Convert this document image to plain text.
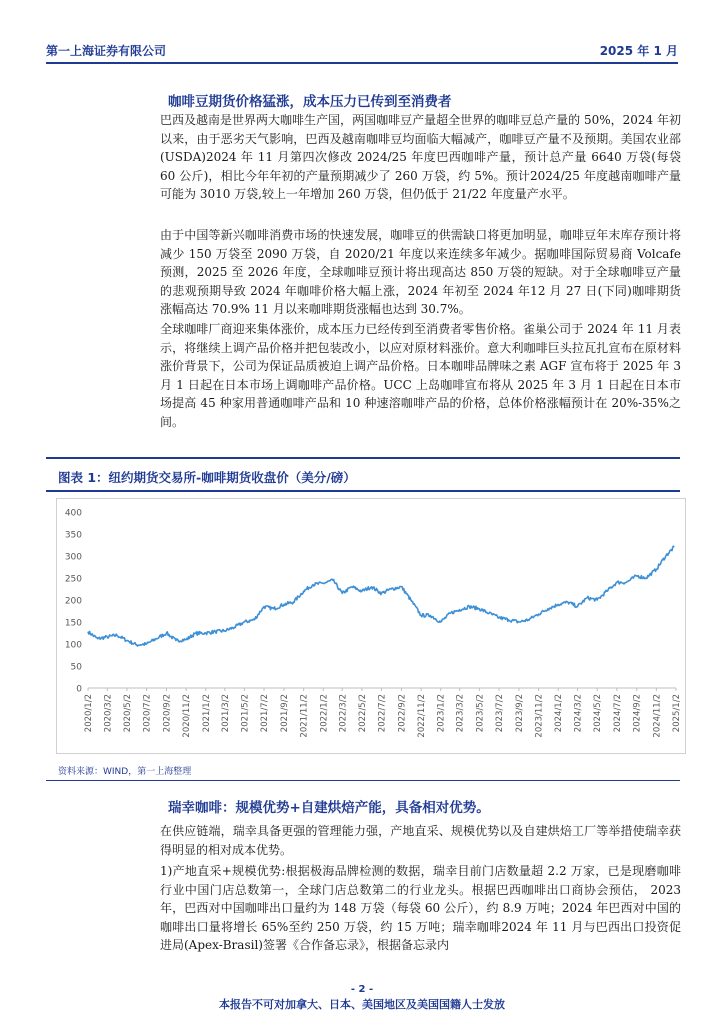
第一上海证券有限公司	2025 年 1 月
咖啡豆期货价格猛涨，成本压力已传到至消费者

巴西及越南是世界两大咖啡生产国，两国咖啡豆产量超全世界的咖啡豆总产量的 50%，2024 年初以来，由于恶劣天气影响，巴西及越南咖啡豆均面临大幅减产，咖啡豆产量不及预期。美国农业部(USDA)2024 年 11 月第四次修改 2024/25 年度巴西咖啡产量，预计总产量 6640 万袋(每袋 60 公斤)，相比今年年初的产量预期减少了 260 万袋，约 5%。预计2024/25 年度越南咖啡产量可能为 3010 万袋,较上一年增加 260 万袋，但仍低于 21/22 年度量产水平。

由于中国等新兴咖啡消费市场的快速发展，咖啡豆的供需缺口将更加明显，咖啡豆年末库存预计将减少 150 万袋至 2090 万袋，自 2020/21 年度以来连续多年减少。据咖啡国际贸易商 Volcafe 预测，2025 至 2026 年度，全球咖啡豆预计将出现高达 850 万袋的短缺。对于全球咖啡豆产量的悲观预期导致 2024 年咖啡价格大幅上涨，2024 年初至 2024 年12 月 27 日(下同)咖啡期货涨幅高达 70.9% 11 月以来咖啡期货涨幅也达到 30.7%。

全球咖啡厂商迎来集体涨价，成本压力已经传到至消费者零售价格。雀巢公司于 2024 年 11 月表示，将继续上调产品价格并把包装改小，以应对原材料涨价。意大利咖啡巨头拉瓦扎宣布在原材料涨价背景下，公司为保证品质被迫上调产品价格。日本咖啡品牌味之素 AGF 宣布将于 2025 年 3 月 1 日起在日本市场上调咖啡产品价格。UCC 上岛咖啡宣布将从 2025 年 3 月 1 日起在日本市场提高 45 种家用普通咖啡产品和 10 种速溶咖啡产品的价格，总体价格涨幅预计在 20%-35%之间。

图表 1：纽约期货交易所-咖啡期货收盘价（美分/磅）
0
50
100
150
200
250
300
350
400
2020/1/2 2020/3/2 2020/5/2 2020/7/2 2020/9/2 2020/11/2 2021/1/2 2021/3/2 2021/5/2 2021/7/2 2021/9/2 2021/11/2 2022/1/2 2022/3/2 2022/5/2 2022/7/2 2022/9/2 2022/11/2 2023/1/2 2023/3/2 2023/5/2 2023/7/2 2023/9/2 2023/11/2 2024/1/2 2024/3/2 2024/5/2 2024/7/2 2024/9/2 2024/11/2 2025/1/2
资料来源：WIND，第一上海整理
瑞幸咖啡：规模优势+自建烘焙产能，具备相对优势。

在供应链端，瑞幸具备更强的管理能力强，产地直采、规模优势以及自建烘焙工厂等举措使瑞幸获得明显的相对成本优势。

1)产地直采+规模优势:根据极海品牌检测的数据，瑞幸目前门店数量超 2.2 万家，已是现磨咖啡行业中国门店总数第一，全球门店总数第二的行业龙头。根据巴西咖啡出口商协会预估， 2023 年，巴西对中国咖啡出口量约为 148 万袋（每袋 60 公斤），约 8.9 万吨；2024 年巴西对中国的咖啡出口量将增长 65%至约 250 万袋，约 15 万吨；瑞幸咖啡2024 年 11 月与巴西出口投资促进局(Apex-Brasil)签署《合作备忘录》，根据备忘录内

- 2 -
本报告不可对加拿大、日本、美国地区及美国国籍人士发放
